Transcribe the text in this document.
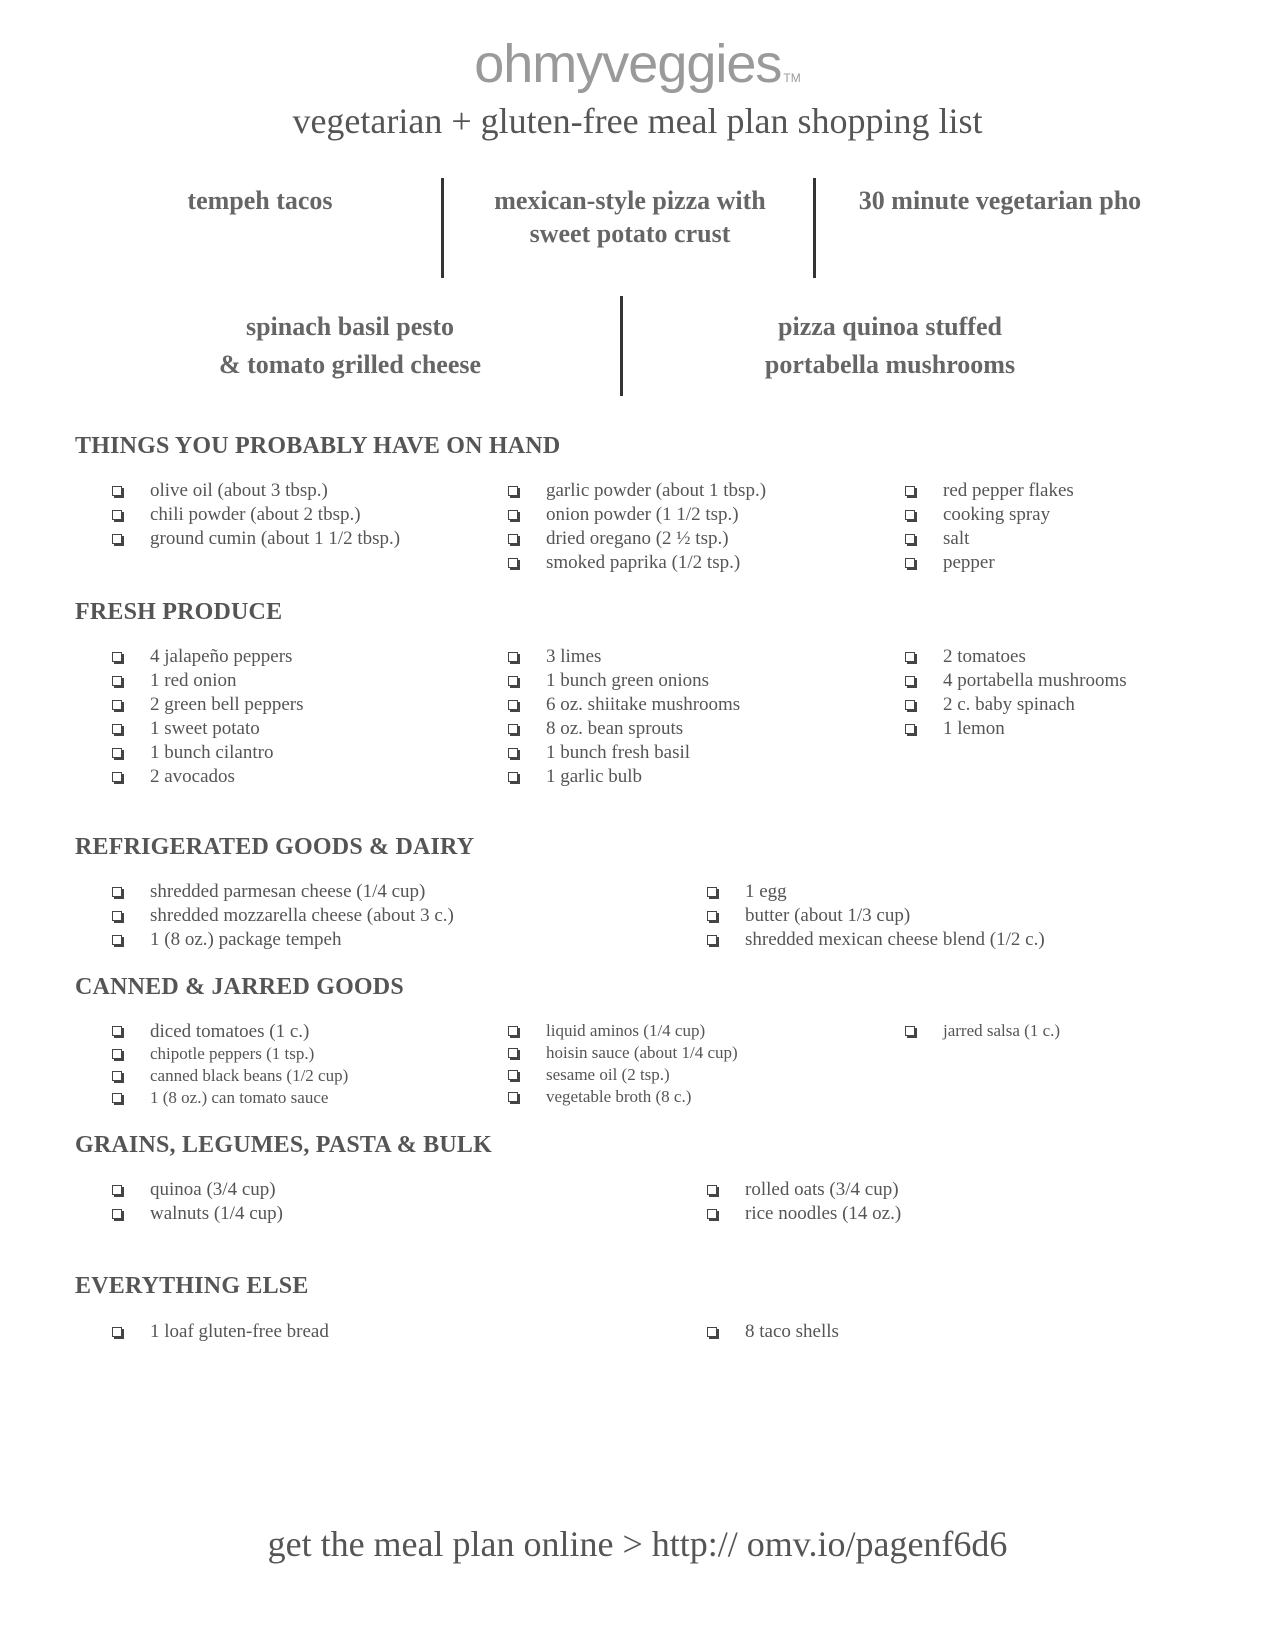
ohmyveggies ™
vegetarian + gluten-free meal plan shopping list
tempeh tacos	mexican-style pizza with
sweet potato crust
30 minute vegetarian pho
spinach basil pesto
& tomato grilled cheese
pizza quinoa stuffed
portabella mushrooms
THINGS YOU PROBABLY HAVE ON HAND
olive oil (about 3 tbsp.)
chili powder (about 2 tbsp.)
ground cumin (about 1 1/2 tbsp.)
garlic powder (about 1 tbsp.)
onion powder (1 1/2 tsp.)
dried oregano (2 ½ tsp.)
smoked paprika (1/2 tsp.)
red pepper flakes
cooking spray
salt
pepper
FRESH PRODUCE
4 jalapeño peppers
1 red onion
2 green bell peppers
1 sweet potato
1 bunch cilantro
2 avocados
3 limes
1 bunch green onions
6 oz. shiitake mushrooms
8 oz. bean sprouts
1 bunch fresh basil
1 garlic bulb
2 tomatoes
4 portabella mushrooms
2 c. baby spinach
1 lemon
REFRIGERATED GOODS & DAIRY
shredded parmesan cheese (1/4 cup)
shredded mozzarella cheese (about 3 c.)
1 (8 oz.) package tempeh
1 egg
butter (about 1/3 cup)
shredded mexican cheese blend (1/2 c.)
CANNED & JARRED GOODS
diced tomatoes (1 c.)
chipotle peppers (1 tsp.)
canned black beans (1/2 cup)
1 (8 oz.) can tomato sauce
liquid aminos (1/4 cup)
hoisin sauce (about 1/4 cup)
sesame oil (2 tsp.)
vegetable broth (8 c.)
jarred salsa (1 c.)
GRAINS, LEGUMES, PASTA & BULK
quinoa (3/4 cup)
walnuts (1/4 cup)
rolled oats (3/4 cup)
rice noodles (14 oz.)
EVERYTHING ELSE
1 loaf gluten-free bread	8 taco shells
get the meal plan online > http:// omv.io/pagenf6d6
